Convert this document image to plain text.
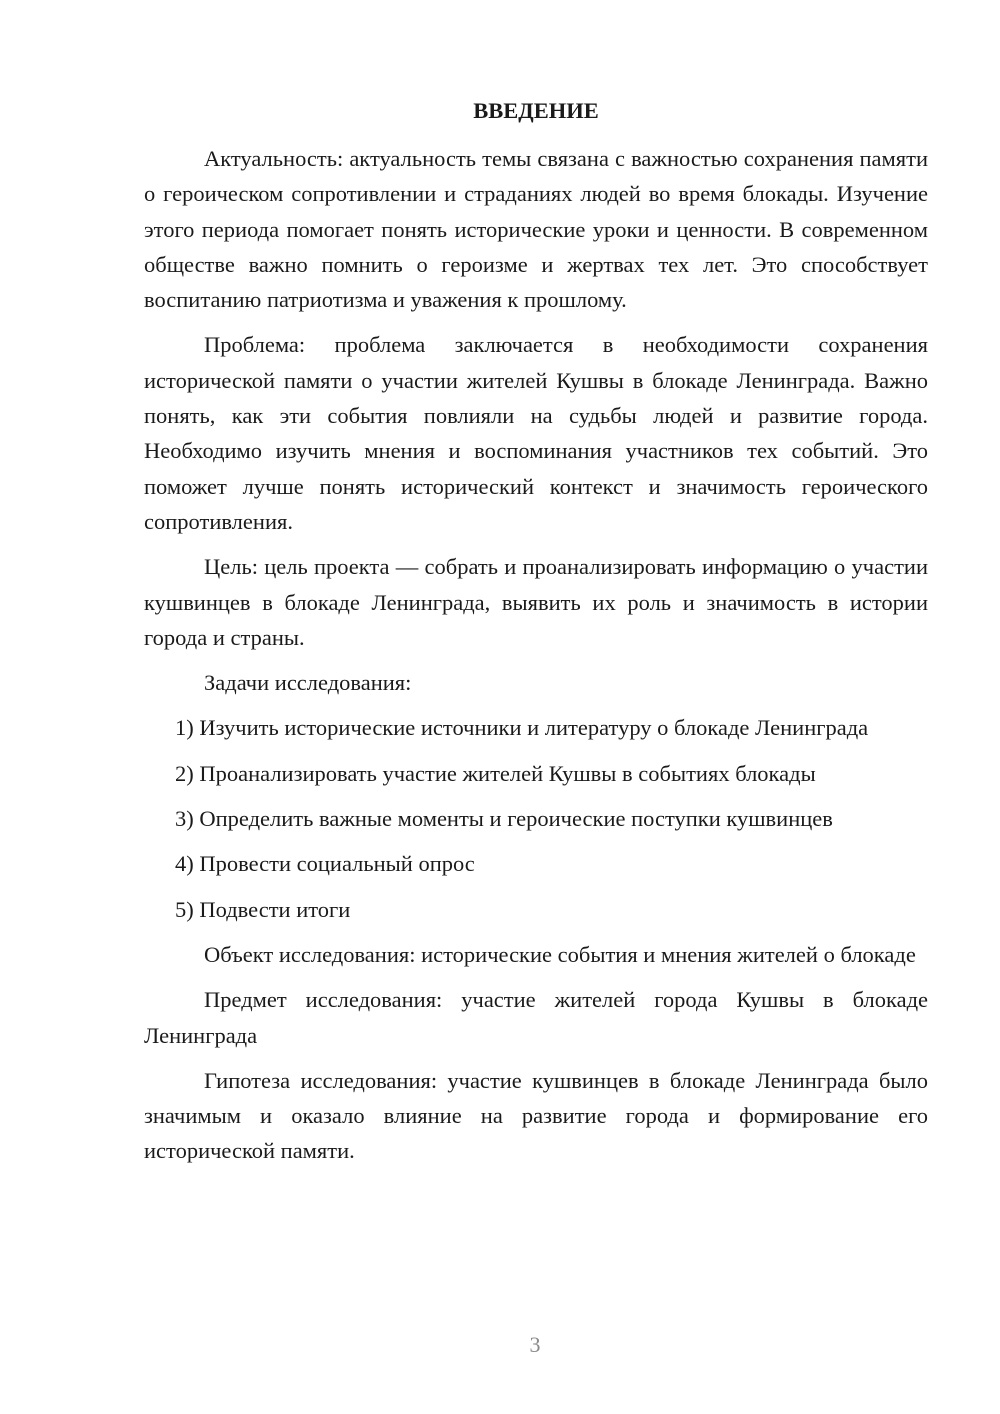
ВВЕДЕНИЕ

Актуальность: актуальность темы связана с важностью сохранения памяти о героическом сопротивлении и страданиях людей во время блокады. Изучение этого периода помогает понять исторические уроки и ценности. В современном обществе важно помнить о героизме и жертвах тех лет. Это способствует воспитанию патриотизма и уважения к прошлому.

Проблема: проблема заключается в необходимости сохранения исторической памяти о участии жителей Кушвы в блокаде Ленинграда. Важно понять, как эти события повлияли на судьбы людей и развитие города. Необходимо изучить мнения и воспоминания участников тех событий. Это поможет лучше понять исторический контекст и значимость героического сопротивления.

Цель: цель проекта — собрать и проанализировать информацию о участии кушвинцев в блокаде Ленинграда, выявить их роль и значимость в истории города и страны.

Задачи исследования:

1) Изучить исторические источники и литературу о блокаде Ленинграда
2) Проанализировать участие жителей Кушвы в событиях блокады
3) Определить важные моменты и героические поступки кушвинцев
4) Провести социальный опрос
5) Подвести итоги

Объект исследования: исторические события и мнения жителей о блокаде

Предмет исследования: участие жителей города Кушвы в блокаде Ленинграда

Гипотеза исследования: участие кушвинцев в блокаде Ленинграда было значимым и оказало влияние на развитие города и формирование его исторической памяти.

3
